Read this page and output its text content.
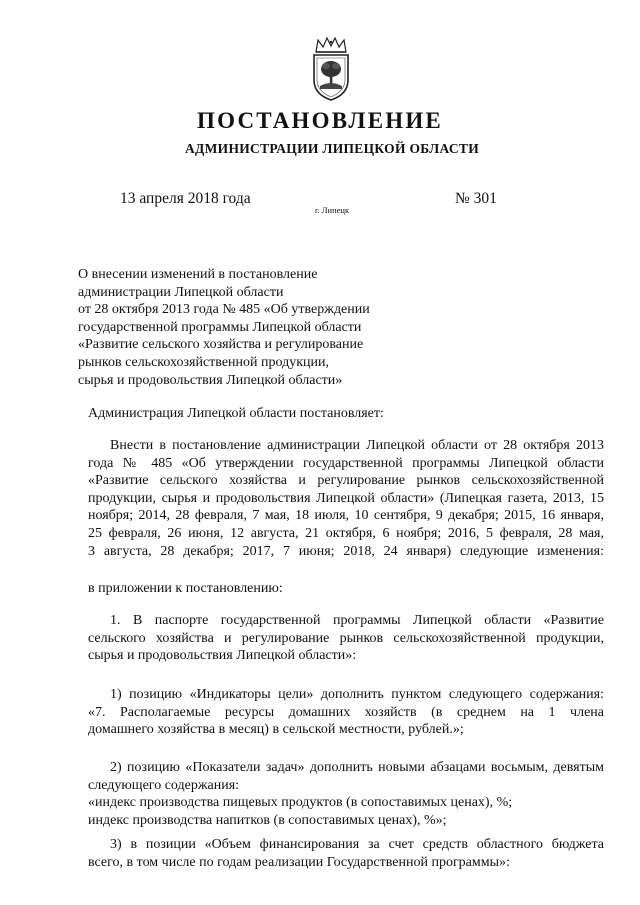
ПОСТАНОВЛЕНИЕ
АДМИНИСТРАЦИИ ЛИПЕЦКОЙ ОБЛАСТИ
13 апреля 2018 года
г. Липецк
№ 301
О внесении изменений в постановление
администрации Липецкой области
от 28 октября 2013 года № 485 «Об утверждении
государственной программы Липецкой области
«Развитие сельского хозяйства и регулирование
рынков сельскохозяйственной продукции,
сырья и продовольствия Липецкой области»
Администрация Липецкой области постановляет:
Внести в постановление администрации Липецкой области от 28 октября 2013
года № 485 «Об утверждении государственной программы Липецкой области
«Развитие сельского хозяйства и регулирование рынков сельскохозяйственной
продукции, сырья и продовольствия Липецкой области» (Липецкая газета, 2013, 15
ноября; 2014, 28 февраля, 7 мая, 18 июля, 10 сентября, 9 декабря; 2015, 16 января,
25 февраля, 26 июня, 12 августа, 21 октября, 6 ноября; 2016, 5 февраля, 28 мая,
3 августа, 28 декабря; 2017, 7 июня; 2018, 24 января) следующие изменения:
в приложении к постановлению:
1. В паспорте государственной программы Липецкой области «Развитие
сельского хозяйства и регулирование рынков сельскохозяйственной продукции,
сырья и продовольствия Липецкой области»:
1) позицию «Индикаторы цели» дополнить пунктом следующего содержания:
«7. Располагаемые ресурсы домашних хозяйств (в среднем на 1 члена
домашнего хозяйства в месяц) в сельской местности, рублей.»;
2) позицию «Показатели задач» дополнить новыми абзацами восьмым, девятым
следующего содержания:
«индекс производства пищевых продуктов (в сопоставимых ценах), %;
индекс производства напитков (в сопоставимых ценах), %»;
3) в позиции «Объем финансирования за счет средств областного бюджета
всего, в том числе по годам реализации Государственной программы»:
